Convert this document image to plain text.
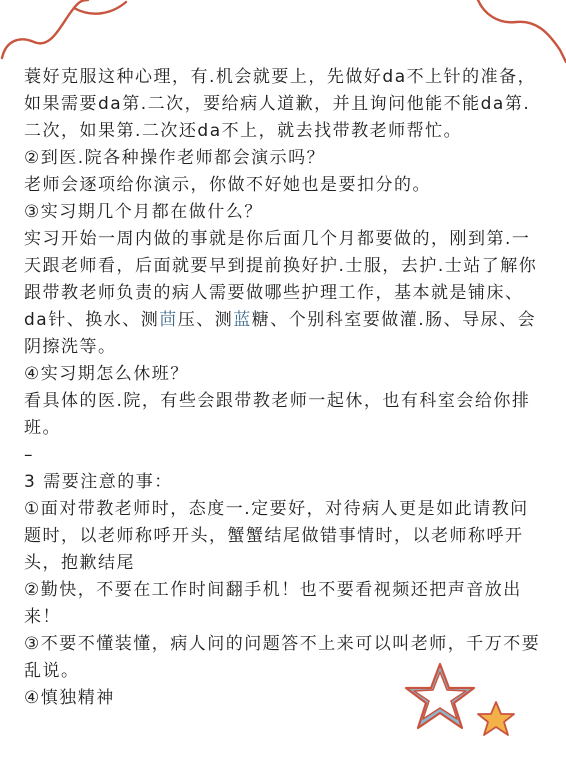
蓑好克服这种心理，有.机会就要上，先做好da不上针的准备，如果需要da第.二次，要给病人道歉，并且询问他能不能da第.二次，如果第.二次还da不上，就去找带教老师帮忙。

②到医.院各种操作老师都会演示吗？

老师会逐项给你演示，你做不好她也是要扣分的。

③实习期几个月都在做什么？

实习开始一周内做的事就是你后面几个月都要做的，刚到第.一天跟老师看，后面就要早到提前换好护.士服，去护.士站了解你跟带教老师负责的病人需要做哪些护理工作，基本就是铺床、da针、换水、测茴压、测蓝糖、个别科室要做灌.肠、导尿、会阴擦洗等。

④实习期怎么休班？

看具体的医.院，有些会跟带教老师一起休，也有科室会给你排班。

–

3 需要注意的事：

①面对带教老师时，态度一.定要好，对待病人更是如此请教问题时，以老师称呼开头，蟹蟹结尾做错事情时，以老师称呼开头，抱歉结尾

②勤快，不要在工作时间翻手机！也不要看视频还把声音放出来！

③不要不懂装懂，病人问的问题答不上来可以叫老师，千万不要乱说。

④慎独精神
